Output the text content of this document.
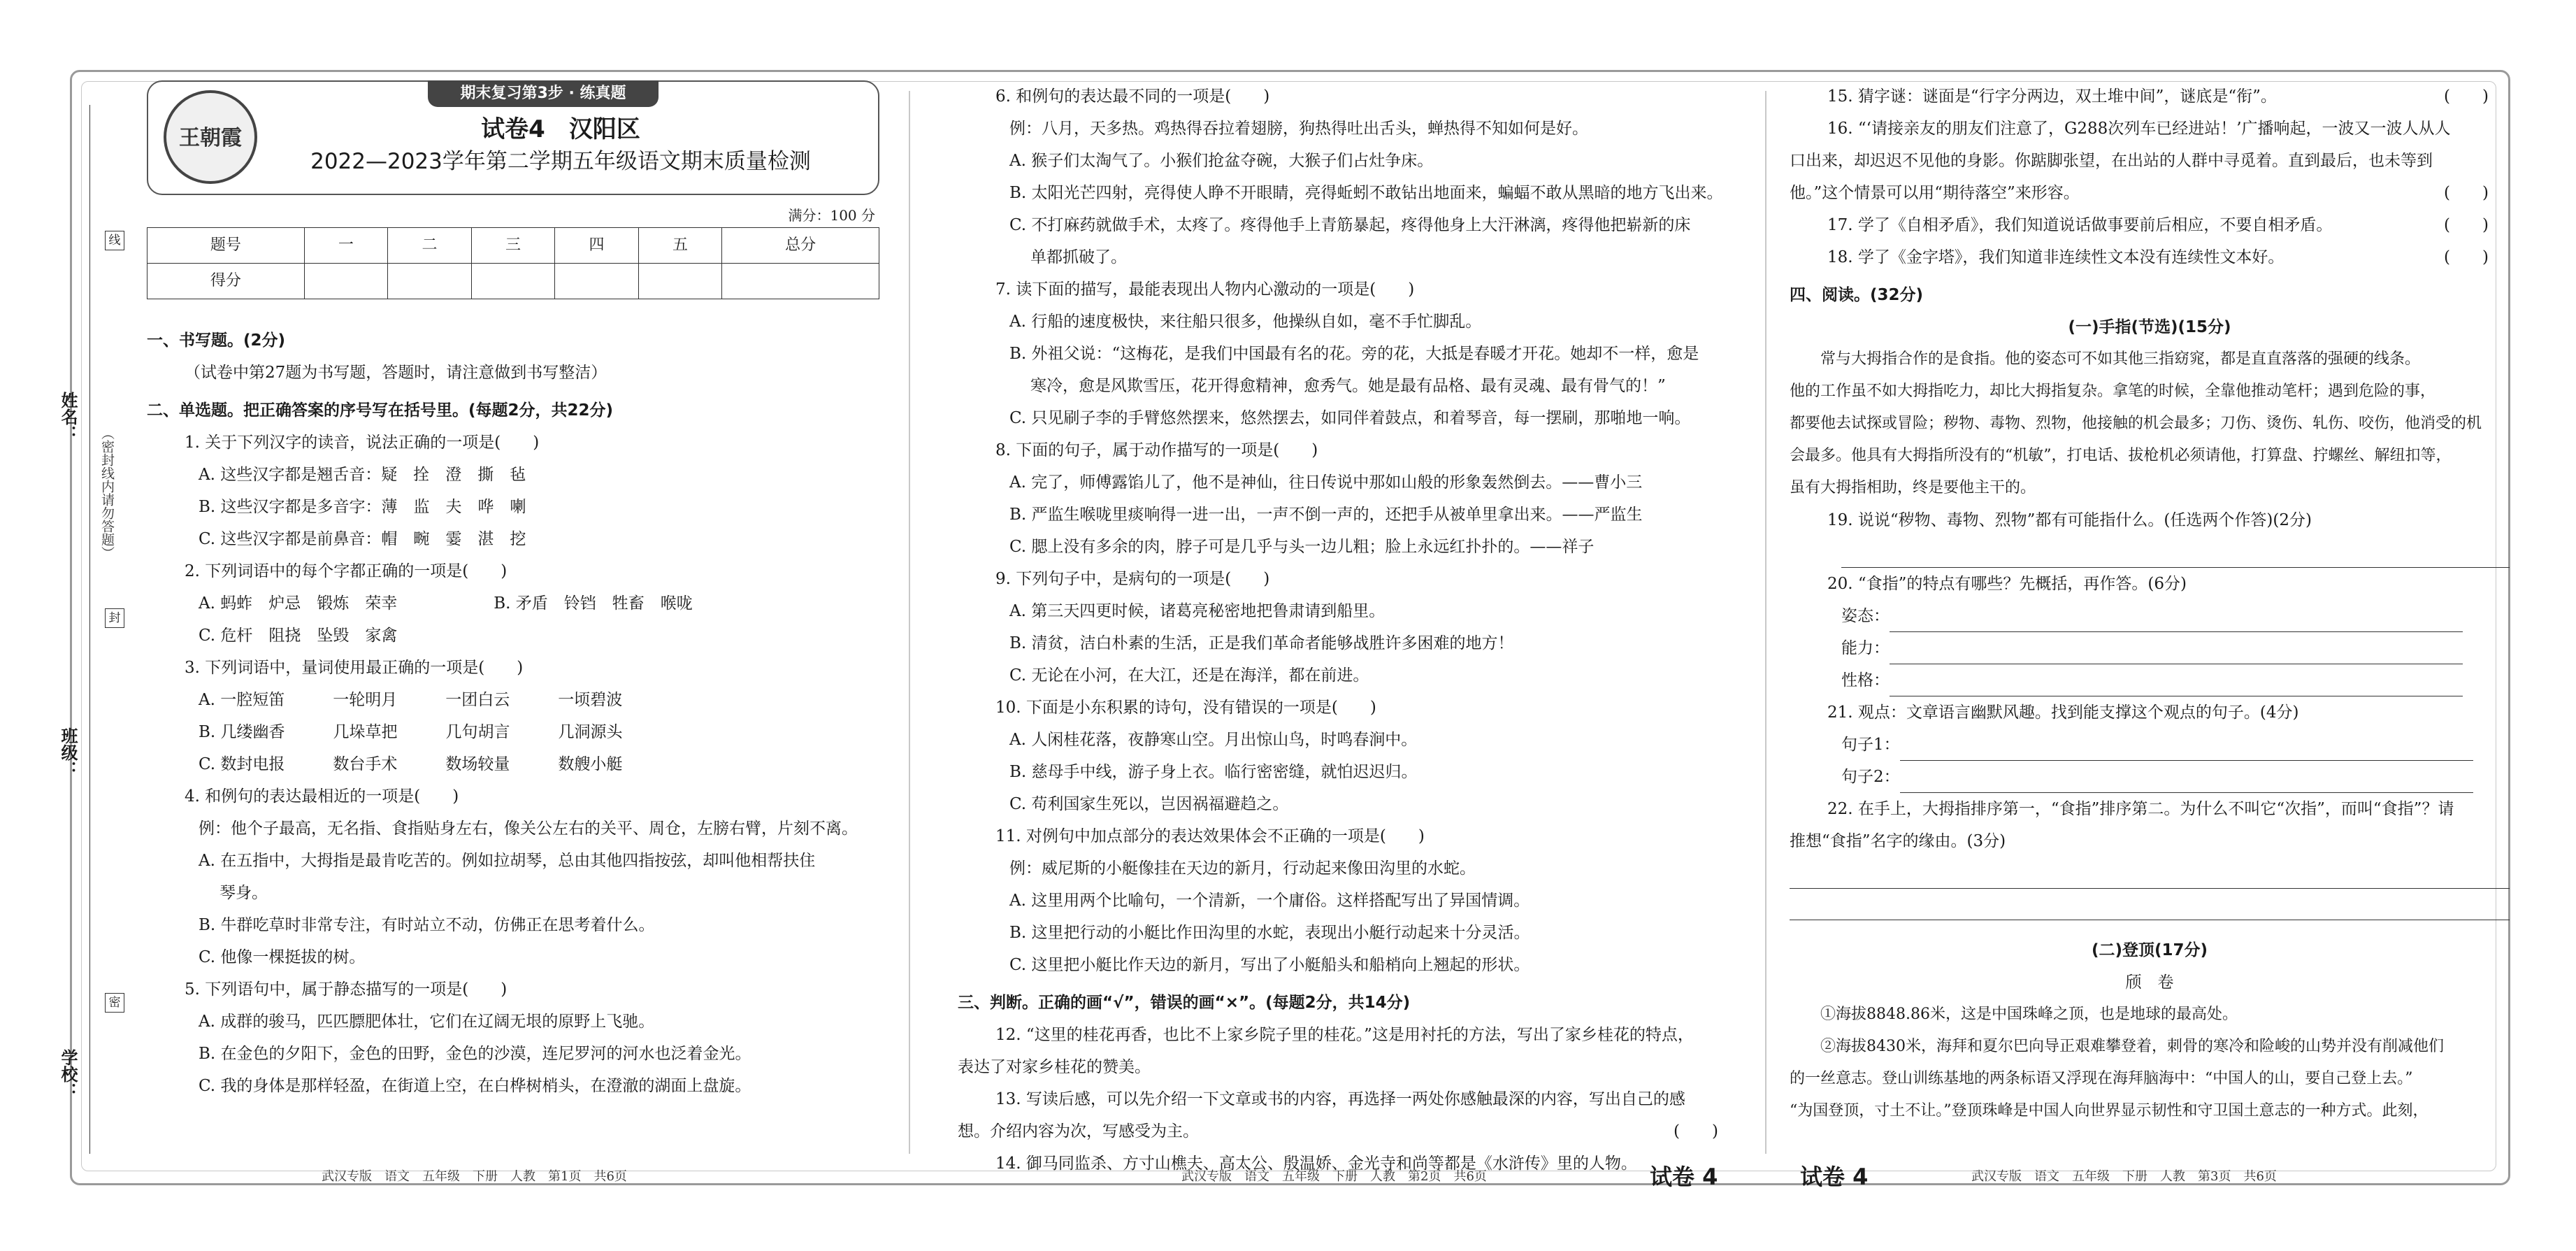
姓名：
班级：
学校：
（密封线内请勿答题）
线
封
密
王朝霞
期末复习第3步 · 练真题
试卷4　汉阳区
2022—2023学年第二学期五年级语文期末质量检测
满分：100 分
题号	一	二	三	四	五	总分
得分						
一、书写题。(2分)
（试卷中第27题为书写题，答题时，请注意做到书写整洁）
二、单选题。把正确答案的序号写在括号里。(每题2分，共22分)
1. 关于下列汉字的读音，说法正确的一项是(　　)
A. 这些汉字都是翘舌音：疑　拴　澄　撕　毡
B. 这些汉字都是多音字：薄　监　夫　哗　喇
C. 这些汉字都是前鼻音：帽　畹　霎　湛　挖
2. 下列词语中的每个字都正确的一项是(　　)
A. 蚂蚱　炉忌　锻炼　荣幸　　　　　　B. 矛盾　铃铛　牲畜　喉咙
C. 危杆　阻挠　坠毁　家禽
3. 下列词语中，量词使用最正确的一项是(　　)
A. 一腔短笛　　　一轮明月　　　一团白云　　　一顷碧波
B. 几缕幽香　　　几垛草把　　　几句胡言　　　几洞源头
C. 数封电报　　　数台手术　　　数场较量　　　数艘小艇
4. 和例句的表达最相近的一项是(　　)
例：他个子最高，无名指、食指贴身左右，像关公左右的关平、周仓，左膀右臂，片刻不离。
A. 在五指中，大拇指是最肯吃苦的。例如拉胡琴，总由其他四指按弦，却叫他相帮扶住
琴身。
B. 牛群吃草时非常专注，有时站立不动，仿佛正在思考着什么。
C. 他像一棵挺拔的树。
5. 下列语句中，属于静态描写的一项是(　　)
A. 成群的骏马，匹匹膘肥体壮，它们在辽阔无垠的原野上飞驰。
B. 在金色的夕阳下，金色的田野，金色的沙漠，连尼罗河的河水也泛着金光。
C. 我的身体是那样轻盈，在街道上空，在白桦树梢头，在澄澈的湖面上盘旋。
6. 和例句的表达最不同的一项是(　　)
例：八月，天多热。鸡热得吞拉着翅膀，狗热得吐出舌头，蝉热得不知如何是好。
A. 猴子们太淘气了。小猴们抢盆夺碗，大猴子们占灶争床。
B. 太阳光芒四射，亮得使人睁不开眼睛，亮得蚯蚓不敢钻出地面来，蝙蝠不敢从黑暗的地方飞出来。
C. 不打麻药就做手术，太疼了。疼得他手上青筋暴起，疼得他身上大汗淋漓，疼得他把崭新的床
单都抓破了。
7. 读下面的描写，最能表现出人物内心激动的一项是(　　)
A. 行船的速度极快，来往船只很多，他操纵自如，毫不手忙脚乱。
B. 外祖父说：“这梅花，是我们中国最有名的花。旁的花，大抵是春暖才开花。她却不一样，愈是
寒冷，愈是风欺雪压，花开得愈精神，愈秀气。她是最有品格、最有灵魂、最有骨气的！”
C. 只见刷子李的手臂悠然摆来，悠然摆去，如同伴着鼓点，和着琴音，每一摆刷，那啪地一响。
8. 下面的句子，属于动作描写的一项是(　　)
A. 完了，师傅露馅儿了，他不是神仙，往日传说中那如山般的形象轰然倒去。——曹小三
B. 严监生喉咙里痰响得一进一出，一声不倒一声的，还把手从被单里拿出来。——严监生
C. 腮上没有多余的肉，脖子可是几乎与头一边儿粗；脸上永远红扑扑的。——祥子
9. 下列句子中，是病句的一项是(　　)
A. 第三天四更时候，诸葛亮秘密地把鲁肃请到船里。
B. 清贫，洁白朴素的生活，正是我们革命者能够战胜许多困难的地方！
C. 无论在小河，在大江，还是在海洋，都在前进。
10. 下面是小东积累的诗句，没有错误的一项是(　　)
A. 人闲桂花落，夜静寒山空。月出惊山鸟，时鸣春涧中。
B. 慈母手中线，游子身上衣。临行密密缝，就怕迟迟归。
C. 苟利国家生死以，岂因祸福避趋之。
11. 对例句中加点部分的表达效果体会不正确的一项是(　　)
例：威尼斯的小艇像挂在天边的新月，行动起来像田沟里的水蛇。
A. 这里用两个比喻句，一个清新，一个庸俗。这样搭配写出了异国情调。
B. 这里把行动的小艇比作田沟里的水蛇，表现出小艇行动起来十分灵活。
C. 这里把小艇比作天边的新月，写出了小艇船头和船梢向上翘起的形状。
三、判断。正确的画“√”，错误的画“×”。(每题2分，共14分)
12. “这里的桂花再香，也比不上家乡院子里的桂花。”这是用衬托的方法，写出了家乡桂花的特点，
表达了对家乡桂花的赞美。
13. 写读后感，可以先介绍一下文章或书的内容，再选择一两处你感触最深的内容，写出自己的感
想。介绍内容为次，写感受为主。	(　　)
14. 御马同监杀、方寸山樵夫、高太公、殷温娇、金光寺和尚等都是《水浒传》里的人物。
15. 猜字谜：谜面是“行字分两边，双土堆中间”，谜底是“衔”。	(　　)
16. “‘请接亲友的朋友们注意了，G288次列车已经进站！’广播响起，一波又一波人从人
口出来，却迟迟不见他的身影。你踮脚张望，在出站的人群中寻觅着。直到最后，也未等到
他。”这个情景可以用“期待落空”来形容。	(　　)
17. 学了《自相矛盾》，我们知道说话做事要前后相应，不要自相矛盾。	(　　)
18. 学了《金字塔》，我们知道非连续性文本没有连续性文本好。	(　　)
四、阅读。(32分)
(一)手指(节选)(15分)
　　常与大拇指合作的是食指。他的姿态可不如其他三指窈窕，都是直直落落的强硬的线条。
他的工作虽不如大拇指吃力，却比大拇指复杂。拿笔的时候，全靠他推动笔杆；遇到危险的事，
都要他去试探或冒险；秽物、毒物、烈物，他接触的机会最多；刀伤、烫伤、轧伤、咬伤，他消受的机
会最多。他具有大拇指所没有的“机敏”，打电话、拔枪机必须请他，打算盘、拧螺丝、解纽扣等，
虽有大拇指相助，终是要他主干的。
19. 说说“秽物、毒物、烈物”都有可能指什么。(任选两个作答)(2分)
20. “食指”的特点有哪些？先概括，再作答。(6分)
姿态：
能力：
性格：
21. 观点：文章语言幽默风趣。找到能支撑这个观点的句子。(4分)
句子1：
句子2：
22. 在手上，大拇指排序第一，“食指”排序第二。为什么不叫它“次指”，而叫“食指”？请
推想“食指”名字的缘由。(3分)
(二)登顶(17分)
颀　卷
　　①海拔8848.86米，这是中国珠峰之顶，也是地球的最高处。
　　②海拔8430米，海拜和夏尔巴向导正艰难攀登着，刺骨的寒冷和险峻的山势并没有削减他们
的一丝意志。登山训练基地的两条标语又浮现在海拜脑海中：“中国人的山，要自己登上去。”
“为国登顶，寸土不让。”登顶珠峰是中国人向世界显示韧性和守卫国土意志的一种方式。此刻，
武汉专版　语文　五年级　下册　人教　第1页　共6页	武汉专版　语文　五年级　下册　人教　第2页　共6页	试卷 4	试卷 4	武汉专版　语文　五年级　下册　人教　第3页　共6页
